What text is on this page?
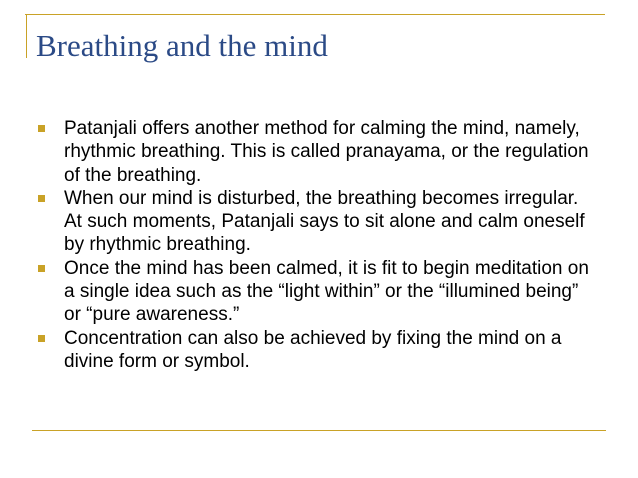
Breathing and the mind
Patanjali offers another method for calming the mind, namely, rhythmic breathing. This is called pranayama, or the regulation of the breathing.
When our mind is disturbed, the breathing becomes irregular. At such moments, Patanjali says to sit alone and calm oneself by rhythmic breathing.
Once the mind has been calmed, it is fit to begin meditation on a single idea such as the “light within” or the “illumined being” or “pure awareness.”
Concentration can also be achieved by fixing the mind on a divine form or symbol.
